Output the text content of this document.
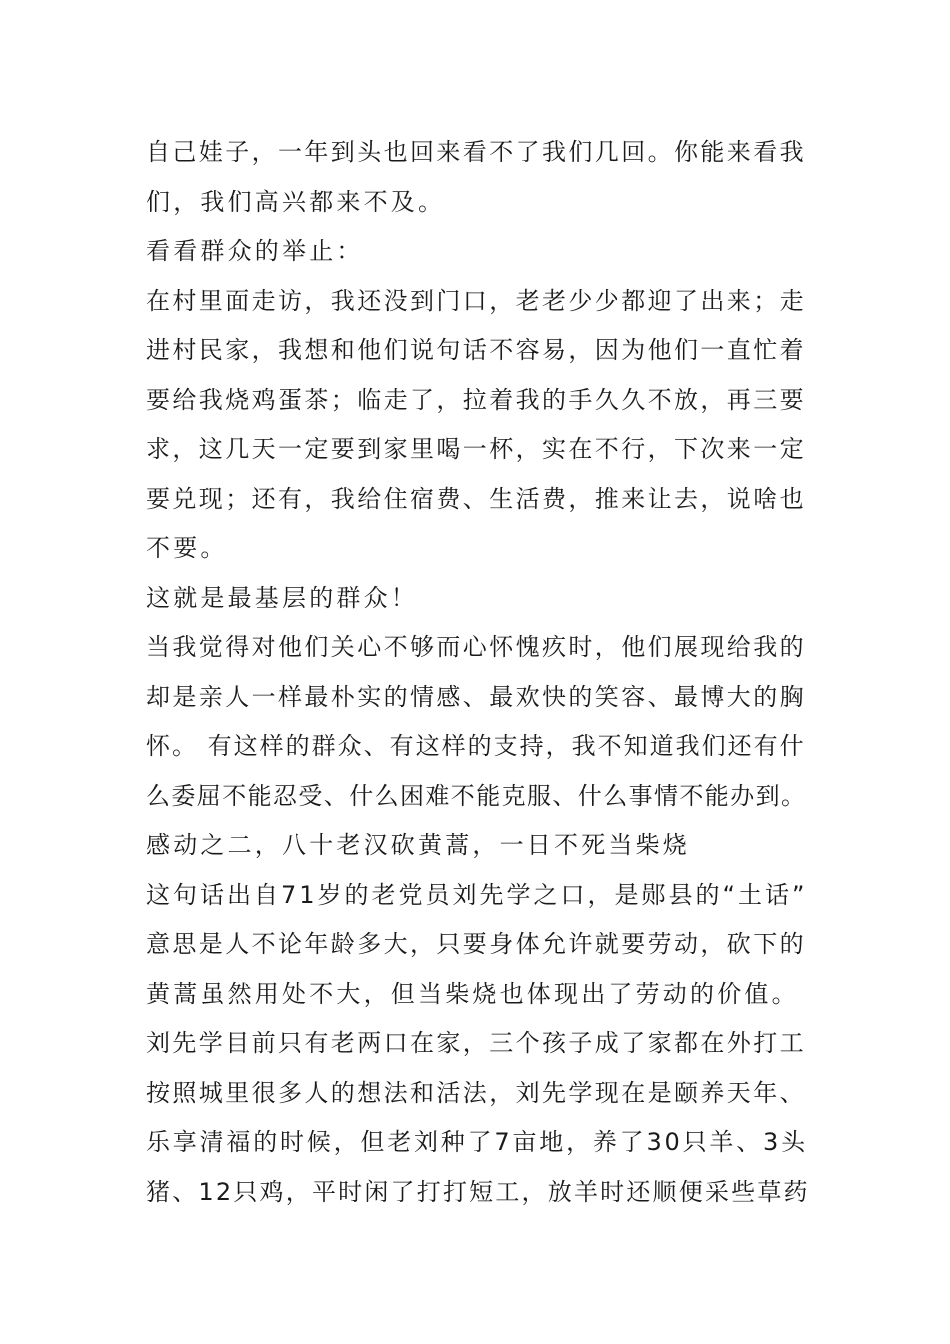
自己娃子，一年到头也回来看不了我们几回。你能来看我
们，我们高兴都来不及。
看看群众的举止：
在村里面走访，我还没到门口，老老少少都迎了出来；走
进村民家，我想和他们说句话不容易，因为他们一直忙着
要给我烧鸡蛋茶；临走了，拉着我的手久久不放，再三要
求，这几天一定要到家里喝一杯，实在不行，下次来一定
要兑现；还有，我给住宿费、生活费，推来让去，说啥也
不要。
这就是最基层的群众！
当我觉得对他们关心不够而心怀愧疚时，他们展现给我的
却是亲人一样最朴实的情感、最欢快的笑容、最博大的胸
怀。 有这样的群众、有这样的支持，我不知道我们还有什
么委屈不能忍受、什么困难不能克服、什么事情不能办到。
感动之二，八十老汉砍黄蒿，一日不死当柴烧
这句话出自71岁的老党员刘先学之口，是郧县的“土话”
意思是人不论年龄多大，只要身体允许就要劳动，砍下的
黄蒿虽然用处不大，但当柴烧也体现出了劳动的价值。
刘先学目前只有老两口在家，三个孩子成了家都在外打工
按照城里很多人的想法和活法，刘先学现在是颐养天年、
乐享清福的时候，但老刘种了7亩地，养了30只羊、3头
猪、12只鸡，平时闲了打打短工，放羊时还顺便采些草药
